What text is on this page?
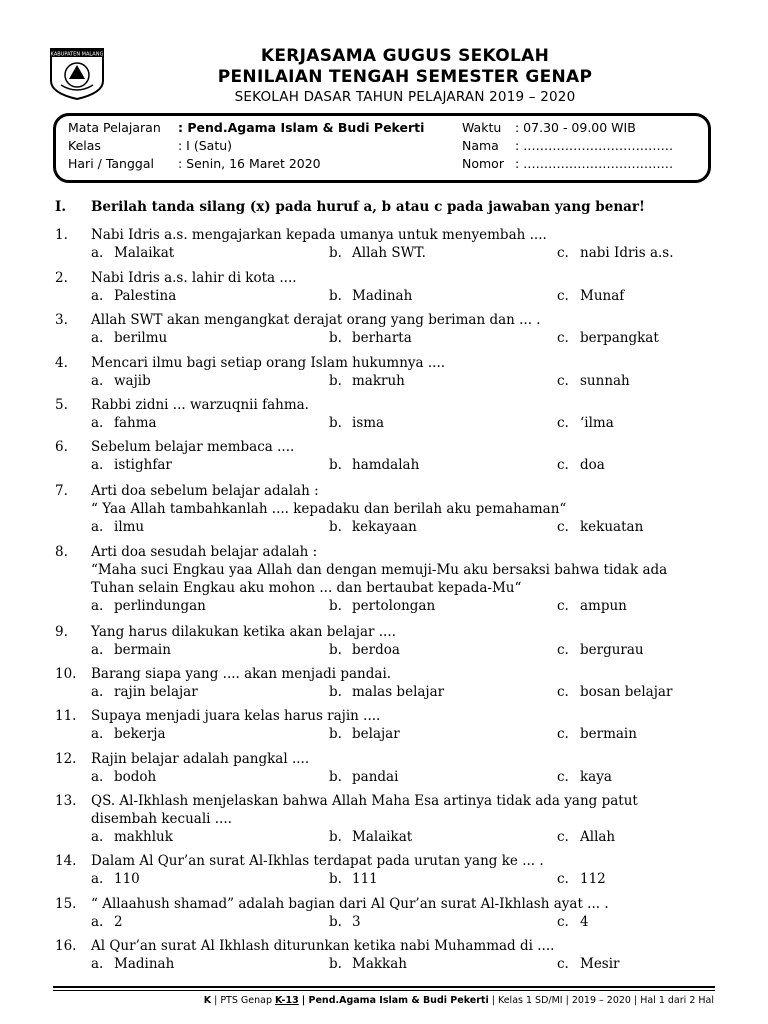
KABUPATEN MALANG	KERJASAMA GUGUS SEKOLAH
PENILAIAN TENGAH SEMESTER GENAP
SEKOLAH DASAR TAHUN PELAJARAN 2019 – 2020
Mata Pelajaran : Pend.Agama Islam & Budi Pekerti
Kelas	: I (Satu)
Hari / Tanggal : Senin, 16 Maret 2020
Waktu : 07.30 - 09.00 WIB
Nama : ………………………………
Nomor : ………………………………
I. Berilah tanda silang (x) pada huruf a, b atau c pada jawaban yang benar!
1. Nabi Idris a.s. mengajarkan kepada umanya untuk menyembah ....
a. Malaikat	b. Allah SWT.	c. nabi Idris a.s.
2. Nabi Idris a.s. lahir di kota ....
a. Palestina	b. Madinah	c. Munaf
3. Allah SWT akan mengangkat derajat orang yang beriman dan ... .
a. berilmu	b. berharta	c. berpangkat
4. Mencari ilmu bagi setiap orang Islam hukumnya ....
a. wajib	b. makruh	c. sunnah
5. Rabbi zidni ... warzuqnii fahma.
a. fahma	b. isma	c. ‘ilma
6. Sebelum belajar membaca ....
a. istighfar	b. hamdalah	c. doa
7. Arti doa sebelum belajar adalah :
“ Yaa Allah tambahkanlah .... kepadaku dan berilah aku pemahaman“
a. ilmu	b. kekayaan	c. kekuatan
8. Arti doa sesudah belajar adalah :
“Maha suci Engkau yaa Allah dan dengan memuji-Mu aku bersaksi bahwa tidak ada
Tuhan selain Engkau aku mohon ... dan bertaubat kepada-Mu“
a. perlindungan	b. pertolongan	c. ampun
9. Yang harus dilakukan ketika akan belajar ....
a. bermain	b. berdoa	c. bergurau
10. Barang siapa yang .... akan menjadi pandai.
a. rajin belajar	b. malas belajar	c. bosan belajar
11. Supaya menjadi juara kelas harus rajin ....
a. bekerja	b. belajar	c. bermain
12. Rajin belajar adalah pangkal ....
a. bodoh	b. pandai	c. kaya
13. QS. Al-Ikhlash menjelaskan bahwa Allah Maha Esa artinya tidak ada yang patut
disembah kecuali ....
a. makhluk	b. Malaikat	c. Allah
14. Dalam Al Qur’an surat Al-Ikhlas terdapat pada urutan yang ke ... .
a. 110	b. 111	c. 112
15. “ Allaahush shamad” adalah bagian dari Al Qur’an surat Al-Ikhlash ayat ... .
a. 2	b. 3	c. 4
16. Al Qur’an surat Al Ikhlash diturunkan ketika nabi Muhammad di ....
a. Madinah	b. Makkah	c. Mesir
K | PTS Genap K-13 | Pend.Agama Islam & Budi Pekerti | Kelas 1 SD/MI | 2019 – 2020 | Hal 1 dari 2 Hal
